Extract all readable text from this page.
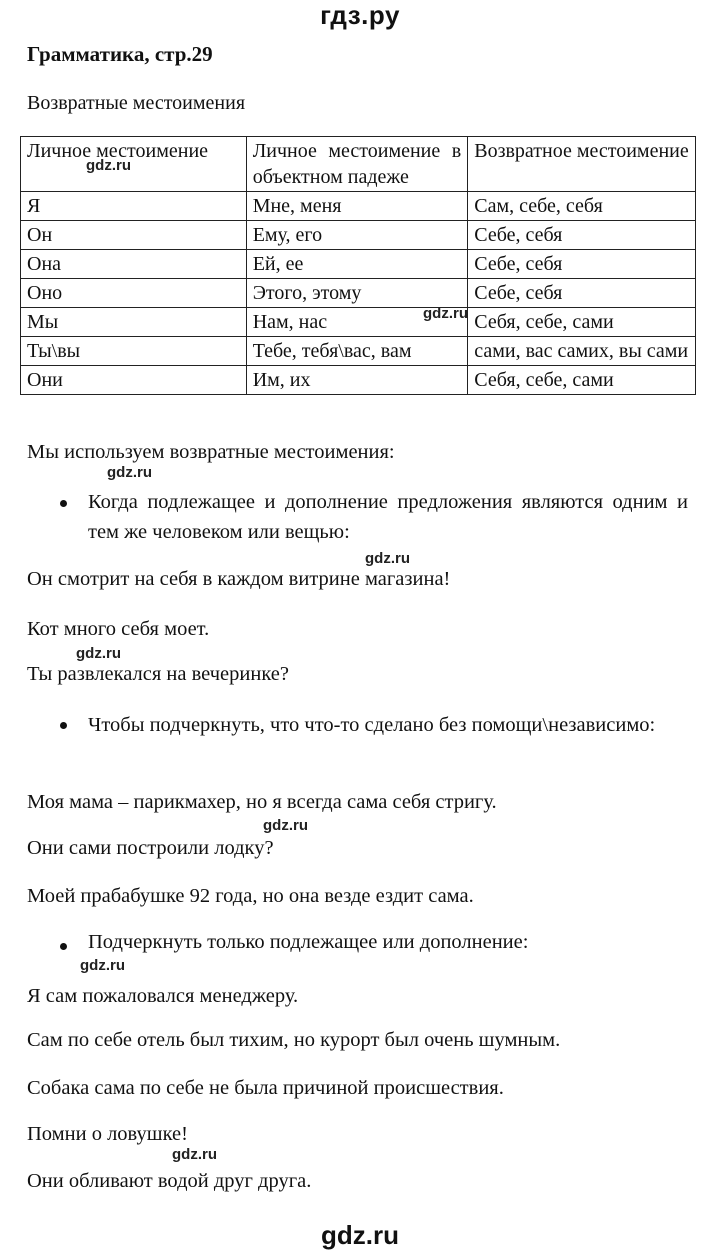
гдз.ру
Грамматика, стр.29
Возвратные местоимения
Личное местоимение	Личное местоимение в объектном падеже	Возвратное местоимение
Я	Мне, меня	Сам, себе, себя
Он	Ему, его	Себе, себя
Она	Ей, ее	Себе, себя
Оно	Этого, этому	Себе, себя
Мы	Нам, нас	Себя, себе, сами
Ты\вы	Тебе, тебя\вас, вам	сами, вас самих, вы сами
Они	Им, их	Себя, себе, сами
gdz.ru
gdz.ru
gdz.ru
gdz.ru
gdz.ru
gdz.ru
gdz.ru
gdz.ru
Мы используем возвратные местоимения:
Когда подлежащее и дополнение предложения являются одним и тем же человеком или вещью:
Он смотрит на себя в каждом витрине магазина!
Кот много себя моет.
Ты развлекался на вечеринке?
Чтобы подчеркнуть, что что-то сделано без помощи\независимо:
Моя мама – парикмахер, но я всегда сама себя стригу.
Они сами построили лодку?
Моей прабабушке 92 года, но она везде ездит сама.
Подчеркнуть только подлежащее или дополнение:
Я сам пожаловался менеджеру.
Сам по себе отель был тихим, но курорт был очень шумным.
Собака сама по себе не была причиной происшествия.
Помни о ловушке!
Они обливают водой друг друга.
gdz.ru
